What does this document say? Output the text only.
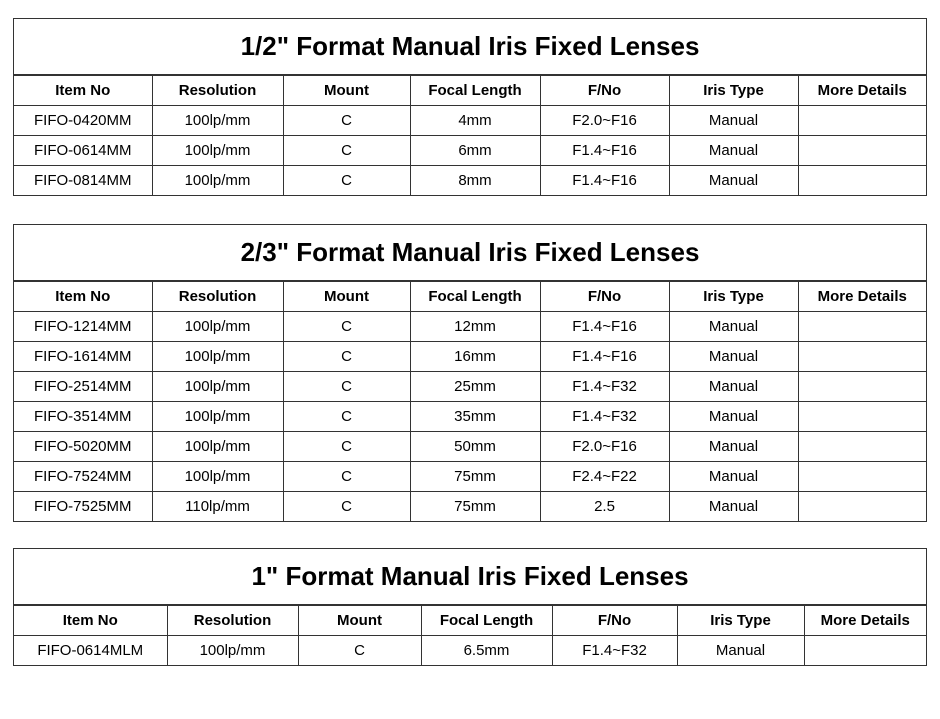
1/2" Format Manual Iris Fixed Lenses
Item No	Resolution	Mount	Focal Length	F/No	Iris Type	More Details
FIFO-0420MM	100lp/mm	C	4mm	F2.0~F16	Manual	
FIFO-0614MM	100lp/mm	C	6mm	F1.4~F16	Manual	
FIFO-0814MM	100lp/mm	C	8mm	F1.4~F16	Manual	
2/3" Format Manual Iris Fixed Lenses
Item No	Resolution	Mount	Focal Length	F/No	Iris Type	More Details
FIFO-1214MM	100lp/mm	C	12mm	F1.4~F16	Manual	
FIFO-1614MM	100lp/mm	C	16mm	F1.4~F16	Manual	
FIFO-2514MM	100lp/mm	C	25mm	F1.4~F32	Manual	
FIFO-3514MM	100lp/mm	C	35mm	F1.4~F32	Manual	
FIFO-5020MM	100lp/mm	C	50mm	F2.0~F16	Manual	
FIFO-7524MM	100lp/mm	C	75mm	F2.4~F22	Manual	
FIFO-7525MM	110lp/mm	C	75mm	2.5	Manual	
1" Format Manual Iris Fixed Lenses
Item No	Resolution	Mount	Focal Length	F/No	Iris Type	More Details
FIFO-0614MLM	100lp/mm	C	6.5mm	F1.4~F32	Manual	
